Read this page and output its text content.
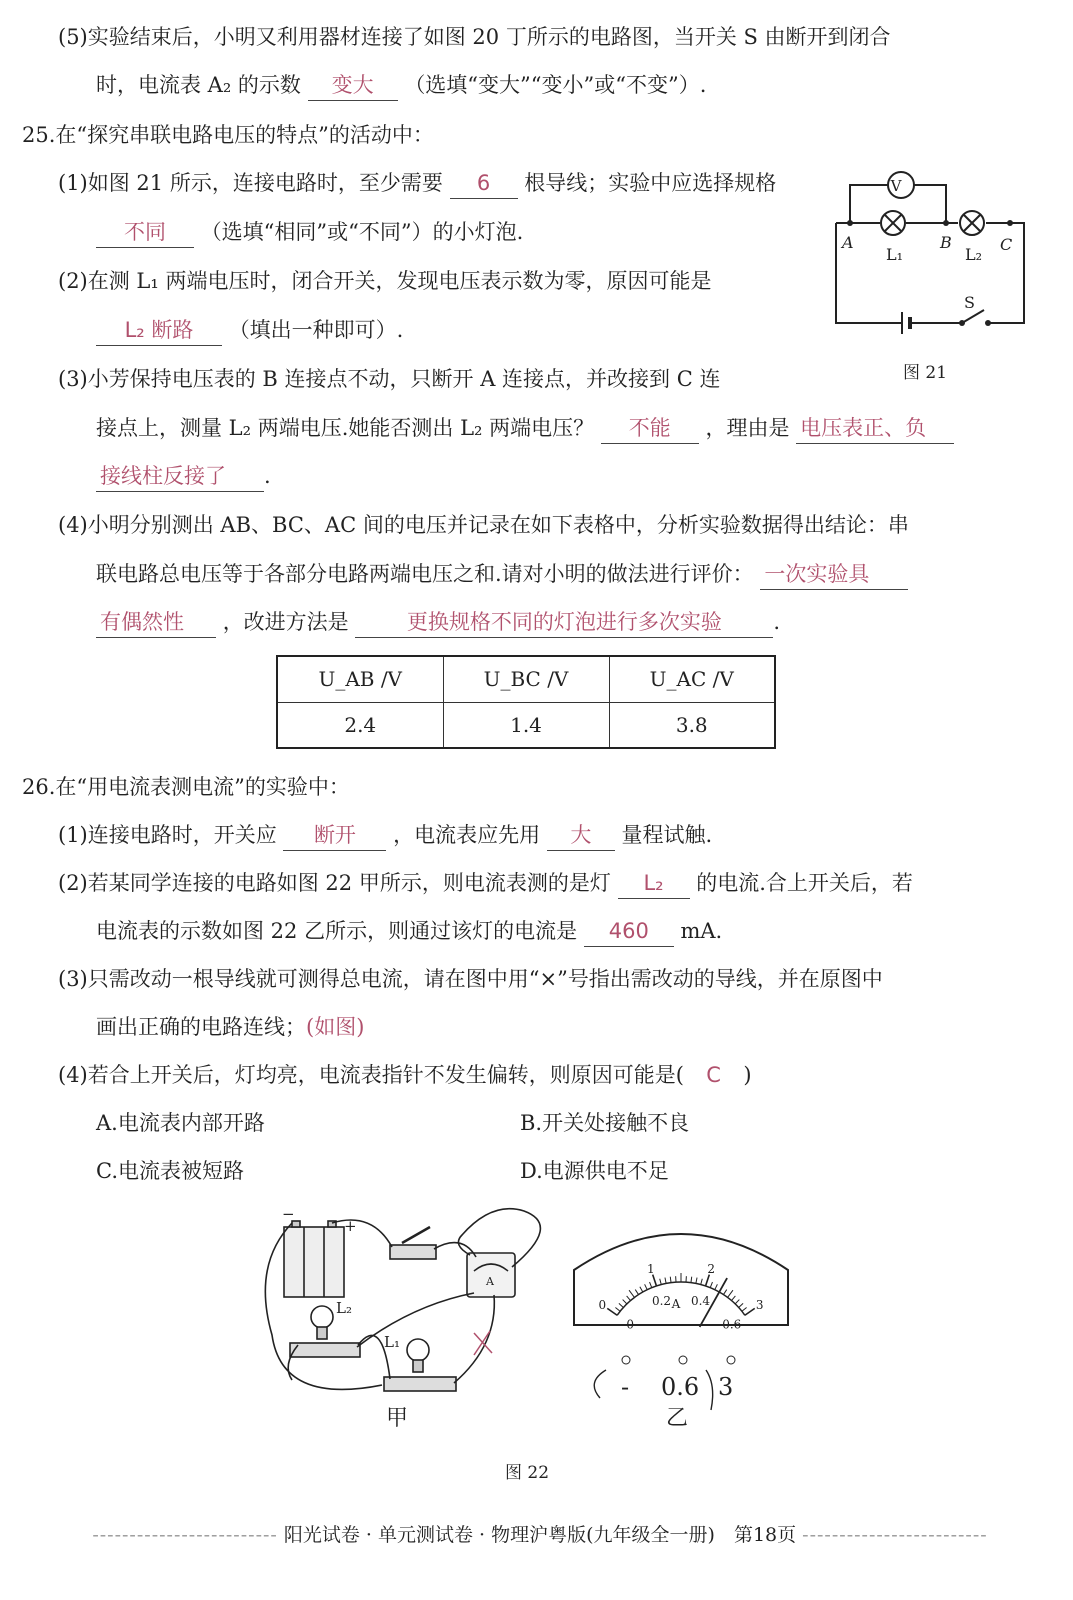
(5)实验结束后，小明又利用器材连接了如图 20 丁所示的电路图，当开关 S 由断开到闭合
时，电流表 A₂ 的示数 变大 （选填“变大”“变小”或“不变”）.
25.在“探究串联电路电压的特点”的活动中：
(1)如图 21 所示，连接电路时，至少需要 6 根导线；实验中应选择规格
不同 （选填“相同”或“不同”）的小灯泡.
(2)在测 L₁ 两端电压时，闭合开关，发现电压表示数为零，原因可能是
L₂ 断路 （填出一种即可）.
(3)小芳保持电压表的 B 连接点不动，只断开 A 连接点，并改接到 C 连
接点上，测量 L₂ 两端电压.她能否测出 L₂ 两端电压？ 不能 ，理由是 电压表正、负
接线柱反接了 .
(4)小明分别测出 AB、BC、AC 间的电压并记录在如下表格中，分析实验数据得出结论：串
联电路总电压等于各部分电路两端电压之和.请对小明的做法进行评价： 一次实验具
有偶然性 ，改进方法是	更换规格不同的灯泡进行多次实验 .
V
A	B	C
L₁	L₂
S
图 21
U_AB /V	U_BC /V	U_AC /V
2.4	1.4	3.8
26.在“用电流表测电流”的实验中：
(1)连接电路时，开关应 断开 ，电流表应先用 大 量程试触.
(2)若某同学连接的电路如图 22 甲所示，则电流表测的是灯 L₂ 的电流.合上开关后，若
电流表的示数如图 22 乙所示，则通过该灯的电流是 460 mA.
(3)只需改动一根导线就可测得总电流，请在图中用“×”号指出需改动的导线，并在原图中
画出正确的电路连线；(如图)
(4)若合上开关后，灯均亮，电流表指针不发生偏转，则原因可能是( C )
A.电流表内部开路	B.开关处接触不良
C.电流表被短路	D.电源供电不足
−
+
L₂
L₁
A
甲
0
1	2
3
0
0.2 0.4
0.6
A
- 0.6 3
乙
图 22
------------------------- 阳光试卷 · 单元测试卷 · 物理沪粤版(九年级全一册)　第18页 -------------------------
